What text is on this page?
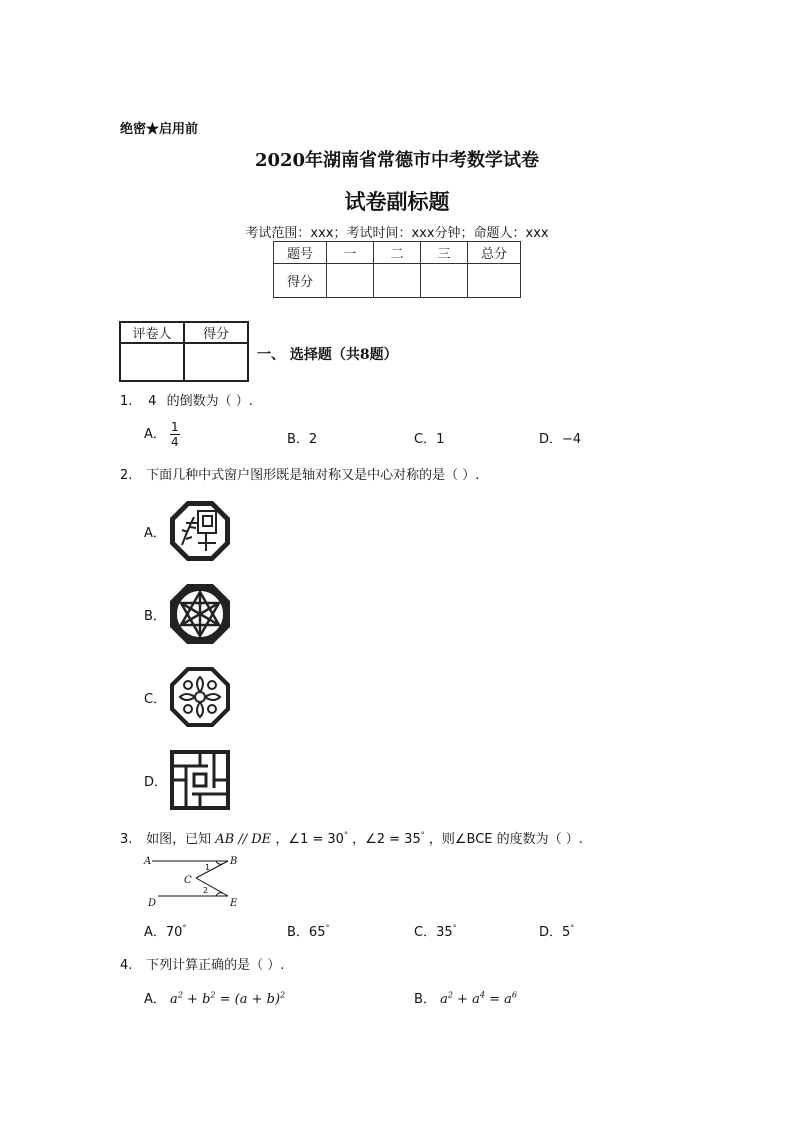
绝密★启用前
2020年湖南省常德市中考数学试卷
试卷副标题
考试范围：xxx；考试时间：xxx分钟；命题人：xxx
题号	一	二	三	总分
得分				
评卷人	得分

一、 选择题（共8题）
1. 4 的倒数为（ ）.
A． $\frac{1}{4}$	B．2	C．1	D．−4
2. 下面几种中式窗户图形既是轴对称又是中心对称的是（ ）.
A．
B．
C．
D．
3. 如图，已知 AB // DE ，∠1 = 30° ，∠2 = 35° ，则∠BCE 的度数为（ ）.
A	B
C
D	E
1
2
A．70°	B．65°	C．35°	D．5°
4. 下列计算正确的是（ ）.
A． $a^2 + b^2 = (a + b)^2$	B． $a^2 + a^4 = a^6$
